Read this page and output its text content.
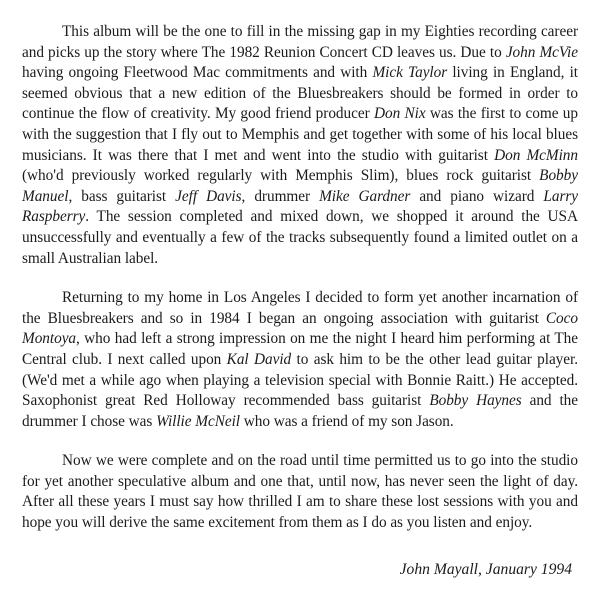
This album will be the one to fill in the missing gap in my Eighties recording career and picks up the story where The 1982 Reunion Concert CD leaves us. Due to John McVie having ongoing Fleetwood Mac commitments and with Mick Taylor living in England, it seemed obvious that a new edition of the Bluesbreakers should be formed in order to continue the flow of creativity. My good friend producer Don Nix was the first to come up with the suggestion that I fly out to Memphis and get together with some of his local blues musicians. It was there that I met and went into the studio with guitarist Don McMinn (who'd previously worked regularly with Memphis Slim), blues rock guitarist Bobby Manuel, bass guitarist Jeff Davis, drummer Mike Gardner and piano wizard Larry Raspberry. The session completed and mixed down, we shopped it around the USA unsuccessfully and eventually a few of the tracks subsequently found a limited outlet on a small Australian label.

Returning to my home in Los Angeles I decided to form yet another incarnation of the Bluesbreakers and so in 1984 I began an ongoing association with guitarist Coco Montoya, who had left a strong impression on me the night I heard him performing at The Central club. I next called upon Kal David to ask him to be the other lead guitar player. (We'd met a while ago when playing a television special with Bonnie Raitt.) He accepted. Saxophonist great Red Holloway recommended bass guitarist Bobby Haynes and the drummer I chose was Willie McNeil who was a friend of my son Jason.

Now we were complete and on the road until time permitted us to go into the studio for yet another speculative album and one that, until now, has never seen the light of day. After all these years I must say how thrilled I am to share these lost sessions with you and hope you will derive the same excitement from them as I do as you listen and enjoy.

John Mayall, January 1994
